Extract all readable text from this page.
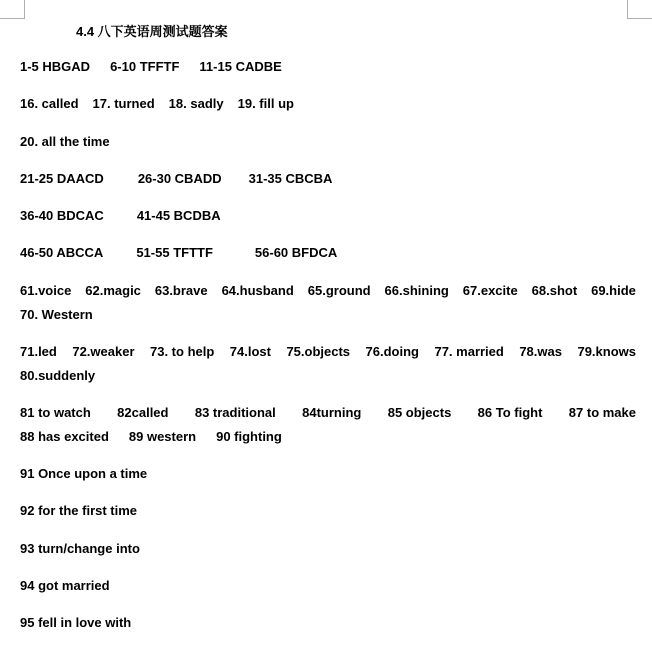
4.4 八下英语周测试题答案
1-5 HBGAD 6-10 TFFTF 11-15 CADBE
16. called 17. turned 18. sadly 19. fill up
20. all the time
21-25 DAACD	26-30 CBADD 31-35 CBCBA
36-40 BDCAC	41-45 BCDBA
46-50 ABCCA	51-55 TFTTF	56-60 BFDCA
61.voice 62.magic 63.brave 64.husband 65.ground 66.shining 67.excite 68.shot 69.hide
70. Western
71.led 72.weaker 73. to help 74.lost 75.objects 76.doing 77. married 78.was 79.knows
80.suddenly
81 to watch 82called 83 traditional 84turning 85 objects 86 To fight 87 to make
88 has excited 89 western 90 fighting
91 Once upon a time
92 for the first time
93 turn/change into
94 got married
95 fell in love with
